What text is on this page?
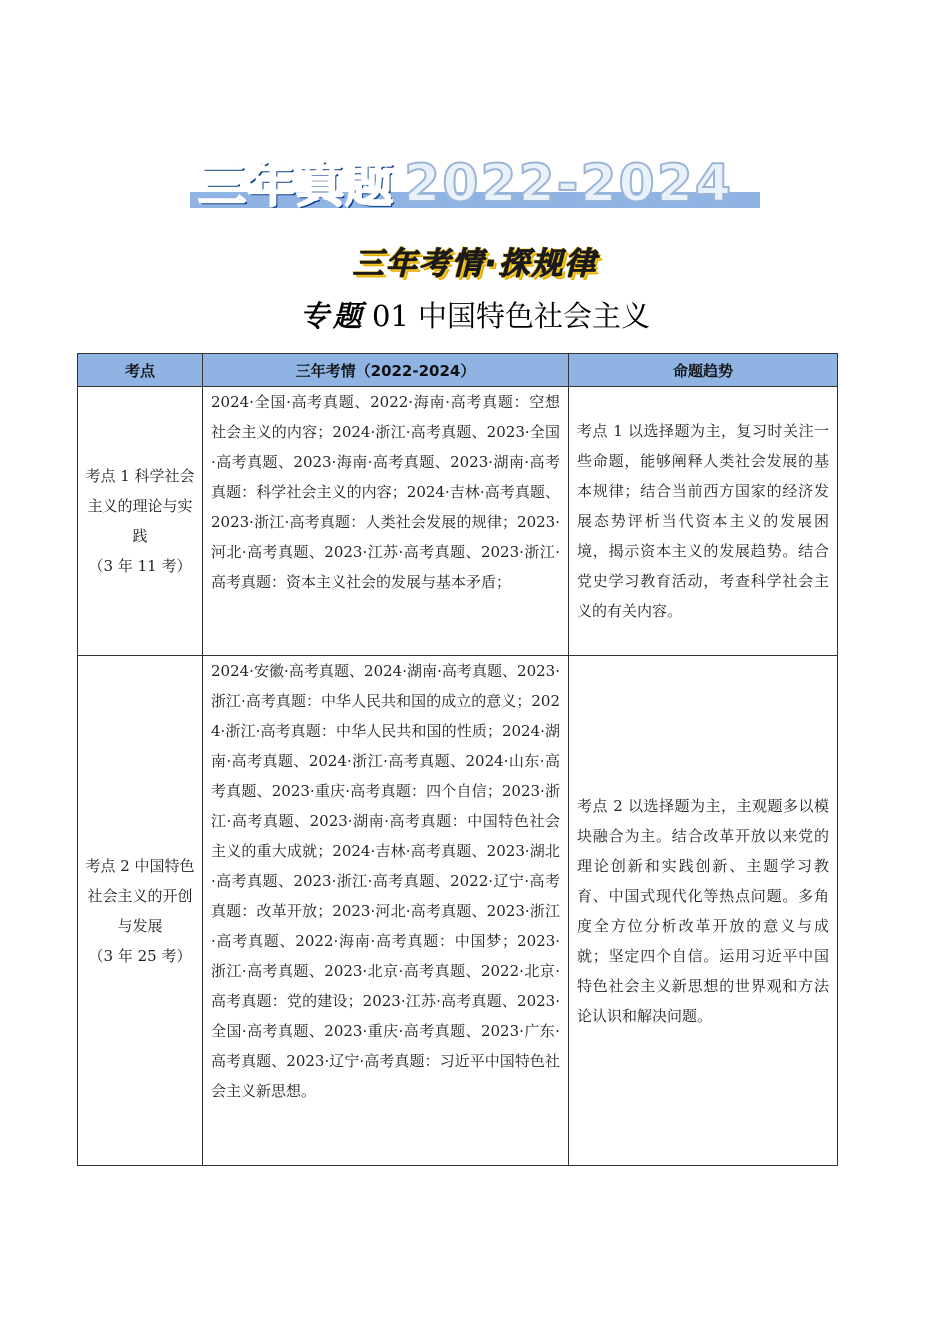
三年真题 2022-2024
三年考情·探规律
专题 01 中国特色社会主义
考点	三年考情（2022-2024）	命题趋势

考点 1 科学社会主义的理论与实践
（3 年 11 考）	2024·全国·高考真题、2022·海南·高考真题：空想社会主义的内容；2024·浙江·高考真题、2023·全国·高考真题、2023·海南·高考真题、2023·湖南·高考真题：科学社会主义的内容；2024·吉林·高考真题、2023·浙江·高考真题：人类社会发展的规律；2023·河北·高考真题、2023·江苏·高考真题、2023·浙江·高考真题：资本主义社会的发展与基本矛盾；	考点 1 以选择题为主，复习时关注一些命题，能够阐释人类社会发展的基本规律；结合当前西方国家的经济发展态势评析当代资本主义的发展困境，揭示资本主义的发展趋势。结合党史学习教育活动，考查科学社会主义的有关内容。

考点 2 中国特色社会主义的开创与发展
（3 年 25 考）	2024·安徽·高考真题、2024·湖南·高考真题、2023·浙江·高考真题：中华人民共和国的成立的意义；2024·浙江·高考真题：中华人民共和国的性质；2024·湖南·高考真题、2024·浙江·高考真题、2024·山东·高考真题、2023·重庆·高考真题：四个自信；2023·浙江·高考真题、2023·湖南·高考真题：中国特色社会主义的重大成就；2024·吉林·高考真题、2023·湖北·高考真题、2023·浙江·高考真题、2022·辽宁·高考真题：改革开放；2023·河北·高考真题、2023·浙江·高考真题、2022·海南·高考真题：中国梦；2023·浙江·高考真题、2023·北京·高考真题、2022·北京·高考真题：党的建设；2023·江苏·高考真题、2023·全国·高考真题、2023·重庆·高考真题、2023·广东·高考真题、2023·辽宁·高考真题：习近平中国特色社会主义新思想。	考点 2 以选择题为主，主观题多以模块融合为主。结合改革开放以来党的理论创新和实践创新、主题学习教育、中国式现代化等热点问题。多角度全方位分析改革开放的意义与成就；坚定四个自信。运用习近平中国特色社会主义新思想的世界观和方法论认识和解决问题。
